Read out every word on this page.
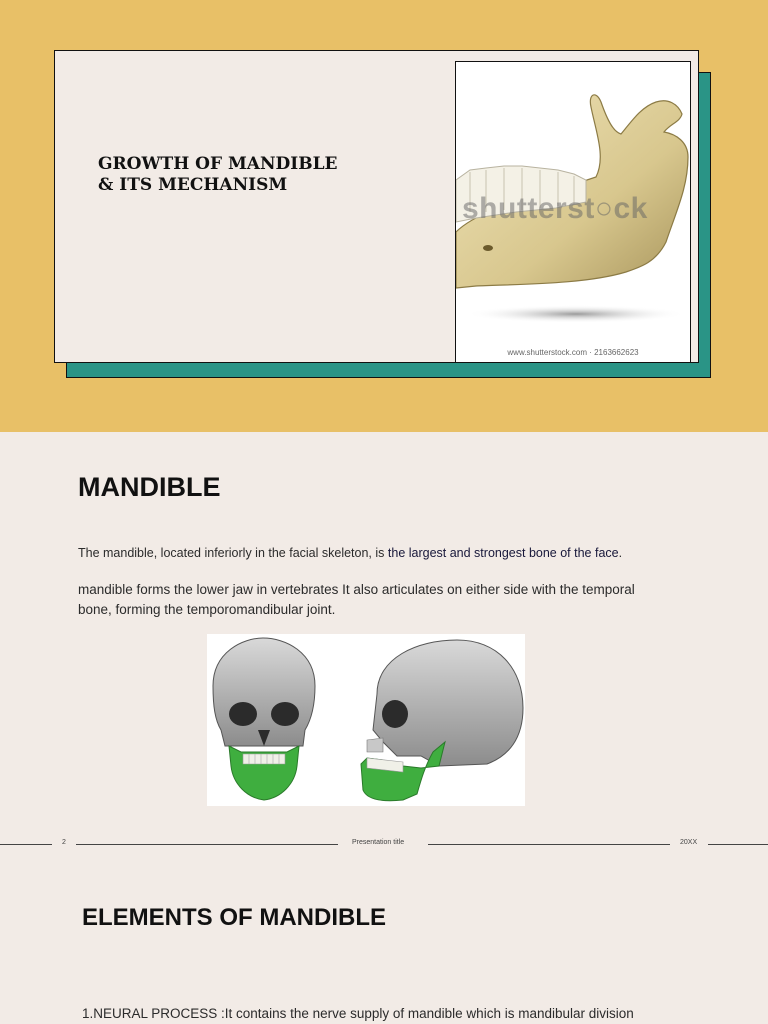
GROWTH OF MANDIBLE
& ITS MECHANISM
shutterst○ck
www.shutterstock.com · 2163662623
MANDIBLE

The mandible, located inferiorly in the facial skeleton, is the largest and strongest bone of the face.

mandible forms the lower jaw in vertebrates It also articulates on either side with the temporal bone, forming the temporomandibular joint.

2	Presentation title	20XX
ELEMENTS OF MANDIBLE
1.NEURAL PROCESS :It contains the nerve supply of mandible which is mandibular division
